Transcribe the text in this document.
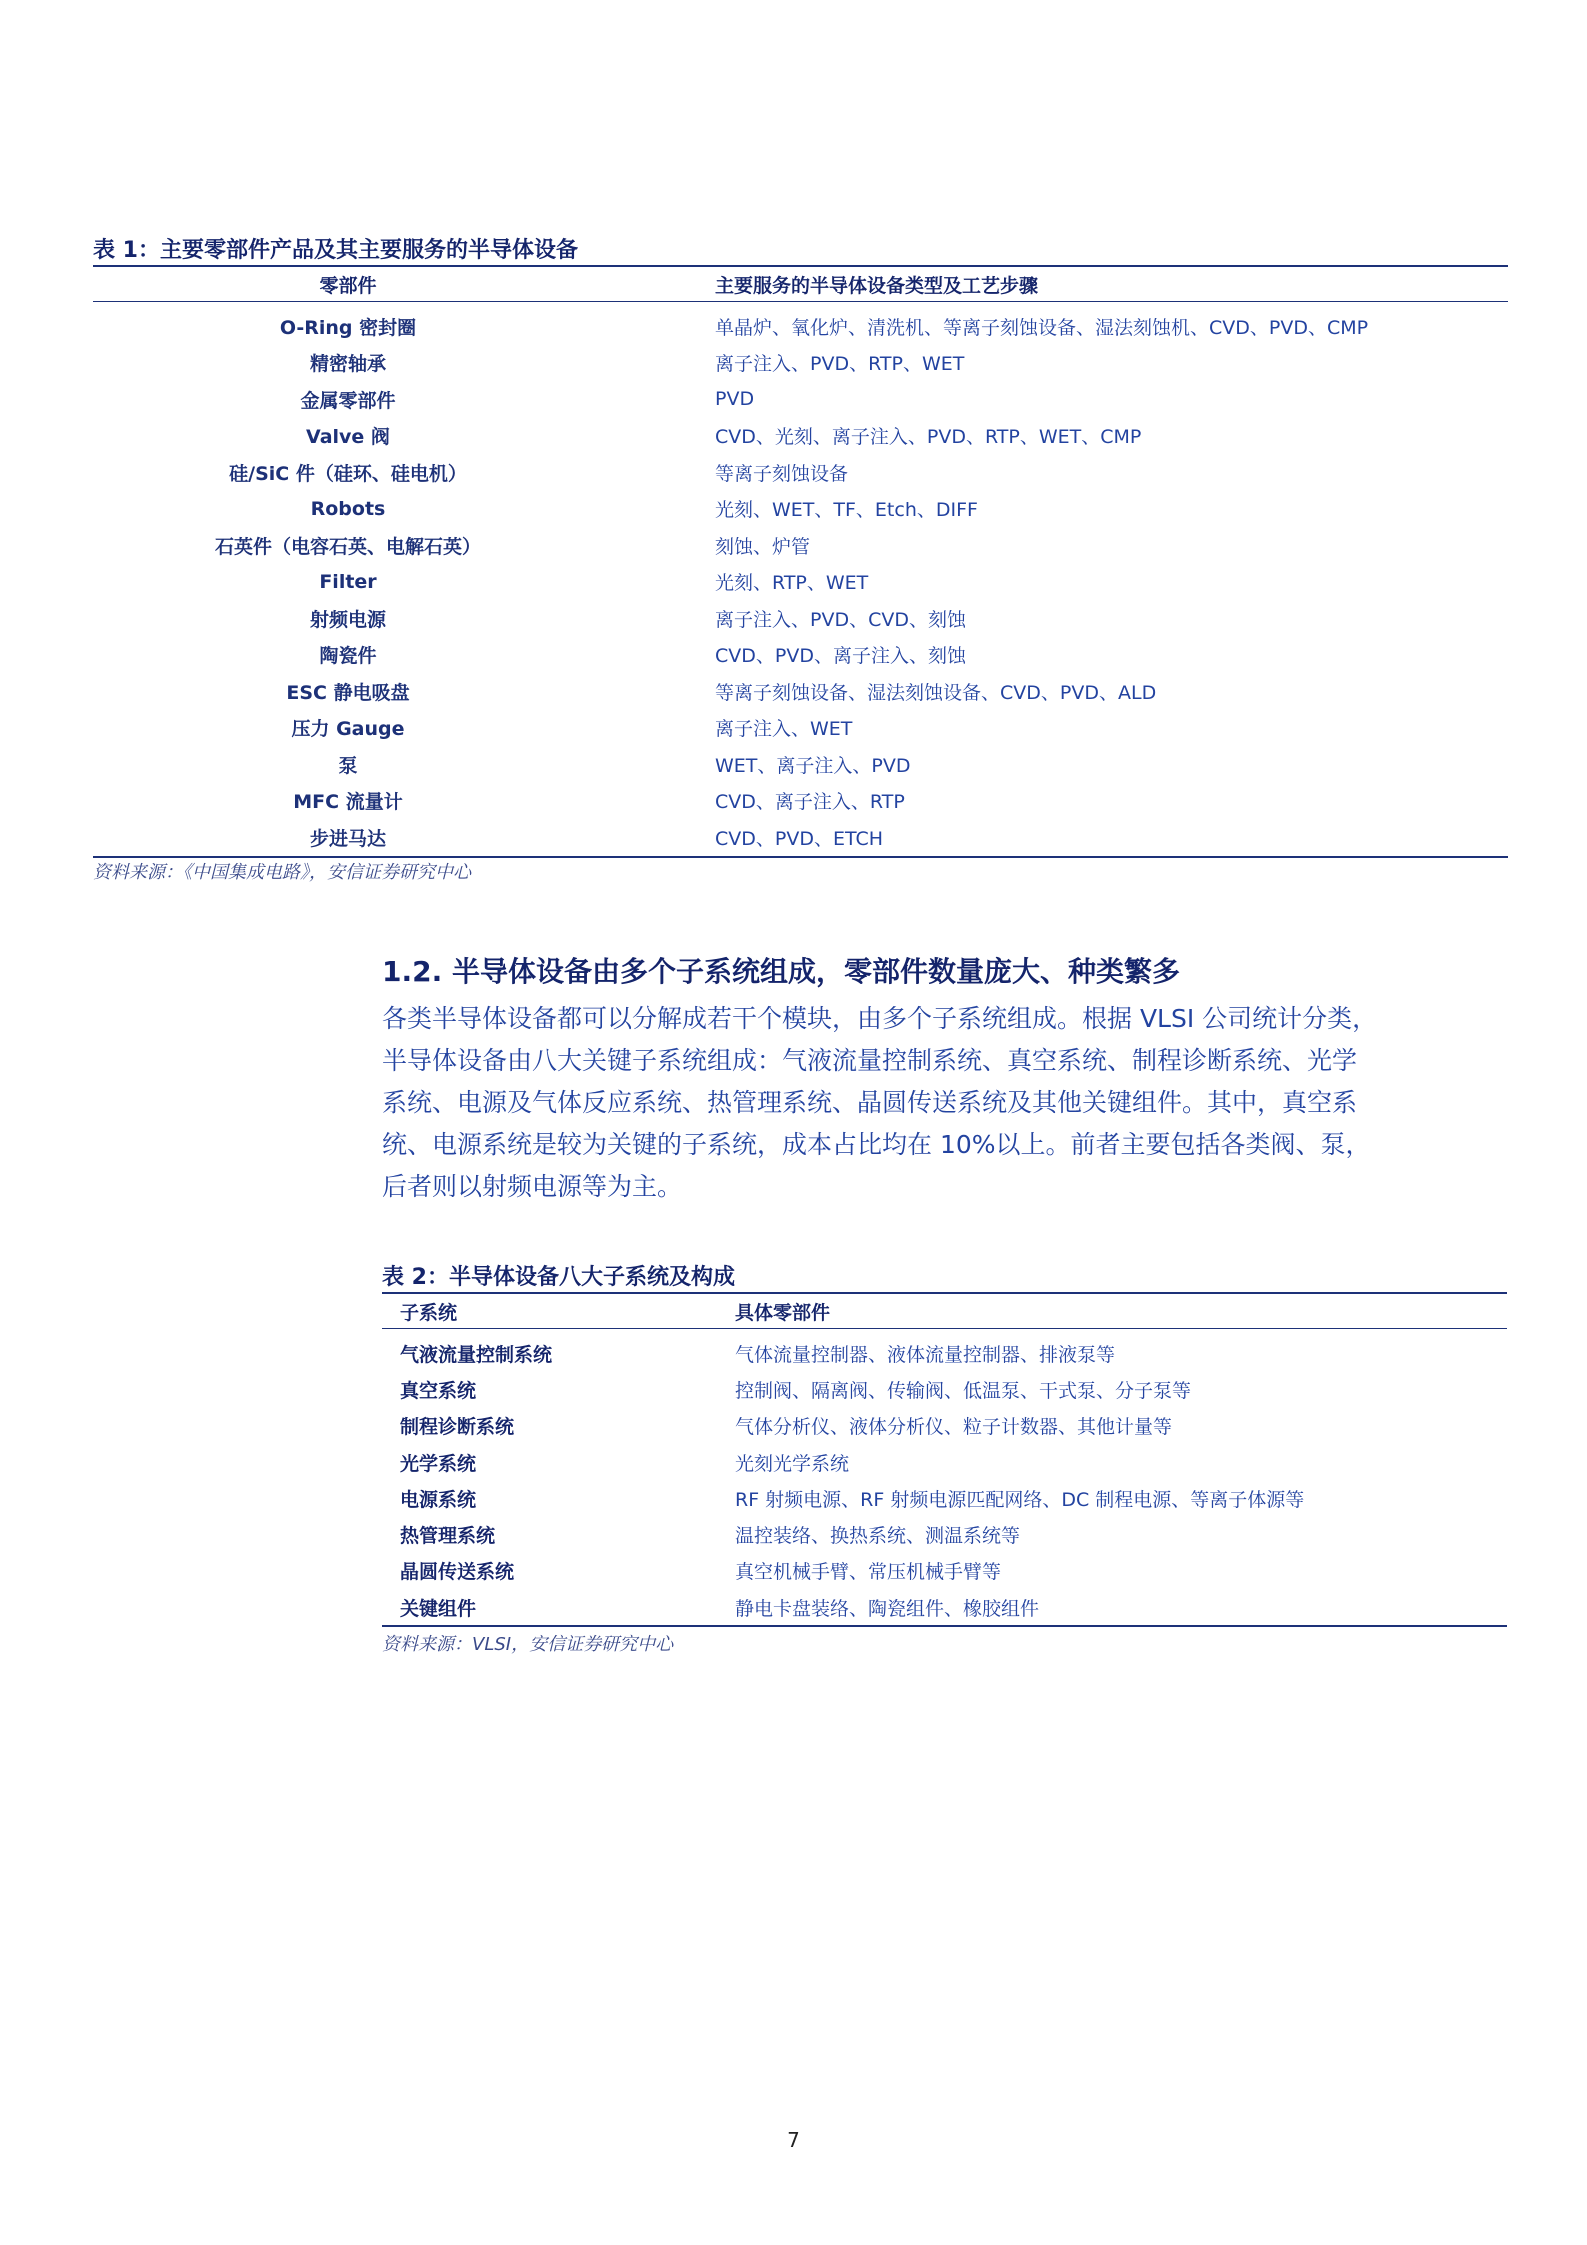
表 1：主要零部件产品及其主要服务的半导体设备
零部件	主要服务的半导体设备类型及工艺步骤
O-Ring 密封圈	单晶炉、氧化炉、清洗机、等离子刻蚀设备、湿法刻蚀机、CVD、PVD、CMP
精密轴承	离子注入、PVD、RTP、WET
金属零部件	PVD
Valve 阀	CVD、光刻、离子注入、PVD、RTP、WET、CMP
硅/SiC 件（硅环、硅电机）	等离子刻蚀设备
Robots	光刻、WET、TF、Etch、DIFF
石英件（电容石英、电解石英）	刻蚀、炉管
Filter	光刻、RTP、WET
射频电源	离子注入、PVD、CVD、刻蚀
陶瓷件	CVD、PVD、离子注入、刻蚀
ESC 静电吸盘	等离子刻蚀设备、湿法刻蚀设备、CVD、PVD、ALD
压力 Gauge	离子注入、WET
泵	WET、离子注入、PVD
MFC 流量计	CVD、离子注入、RTP
步进马达	CVD、PVD、ETCH
资料来源：《中国集成电路》，安信证券研究中心
1.2. 半导体设备由多个子系统组成，零部件数量庞大、种类繁多
各类半导体设备都可以分解成若干个模块，由多个子系统组成。根据 VLSI 公司统计分类，
半导体设备由八大关键子系统组成：气液流量控制系统、真空系统、制程诊断系统、光学
系统、电源及气体反应系统、热管理系统、晶圆传送系统及其他关键组件。其中，真空系
统、电源系统是较为关键的子系统，成本占比均在 10%以上。前者主要包括各类阀、泵，
后者则以射频电源等为主。
表 2：半导体设备八大子系统及构成
子系统	具体零部件
气液流量控制系统	气体流量控制器、液体流量控制器、排液泵等
真空系统	控制阀、隔离阀、传输阀、低温泵、干式泵、分子泵等
制程诊断系统	气体分析仪、液体分析仪、粒子计数器、其他计量等
光学系统	光刻光学系统
电源系统	RF 射频电源、RF 射频电源匹配网络、DC 制程电源、等离子体源等
热管理系统	温控装络、换热系统、测温系统等
晶圆传送系统	真空机械手臂、常压机械手臂等
关键组件	静电卡盘装络、陶瓷组件、橡胶组件
资料来源：VLSI，安信证券研究中心
7
